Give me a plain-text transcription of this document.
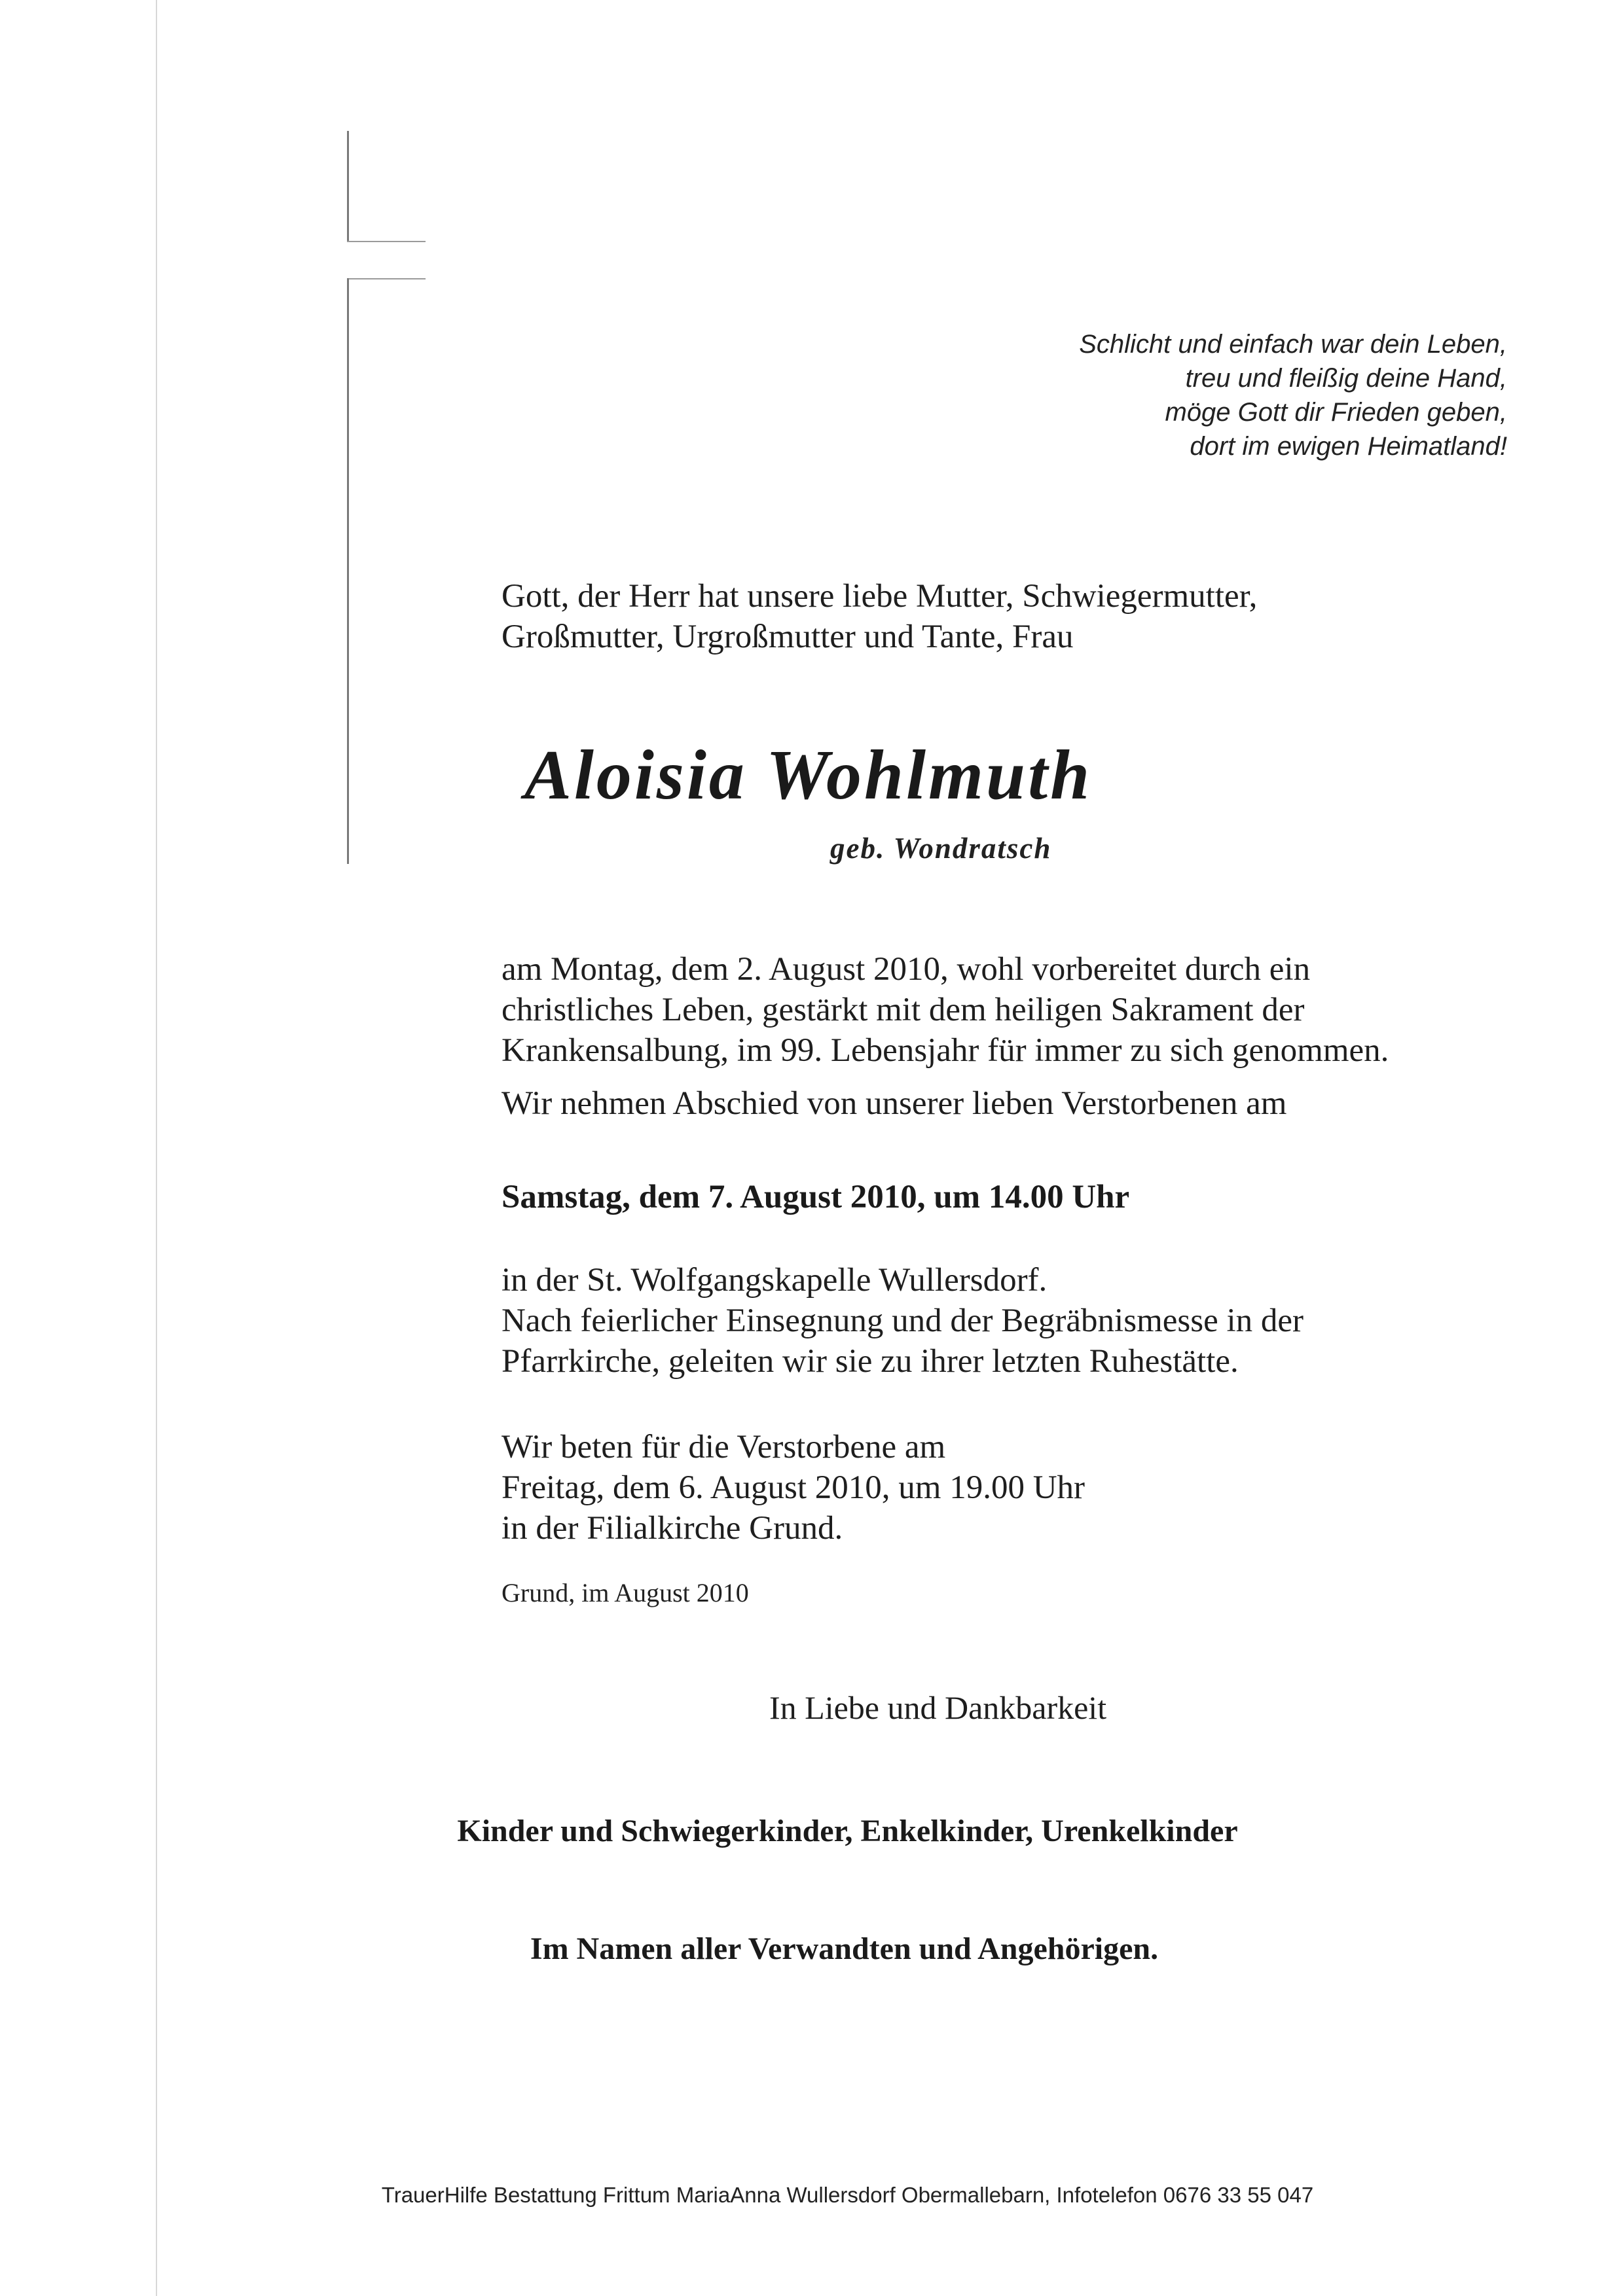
Schlicht und einfach war dein Leben,
treu und fleißig deine Hand,
möge Gott dir Frieden geben,
dort im ewigen Heimatland!
Gott, der Herr hat unsere liebe Mutter, Schwiegermutter,
Großmutter, Urgroßmutter und Tante, Frau
Aloisia Wohlmuth
geb. Wondratsch
am Montag, dem 2. August 2010, wohl vorbereitet durch ein
christliches Leben, gestärkt mit dem heiligen Sakrament der
Krankensalbung, im 99. Lebensjahr für immer zu sich genommen.
Wir nehmen Abschied von unserer lieben Verstorbenen am
Samstag, dem 7. August 2010, um 14.00 Uhr
in der St. Wolfgangskapelle Wullersdorf.
Nach feierlicher Einsegnung und der Begräbnismesse in der
Pfarrkirche, geleiten wir sie zu ihrer letzten Ruhestätte.
Wir beten für die Verstorbene am
Freitag, dem 6. August 2010, um 19.00 Uhr
in der Filialkirche Grund.
Grund, im August 2010
In Liebe und Dankbarkeit
Kinder und Schwiegerkinder, Enkelkinder, Urenkelkinder
Im Namen aller Verwandten und Angehörigen.
TrauerHilfe Bestattung Frittum MariaAnna Wullersdorf Obermallebarn, Infotelefon 0676 33 55 047
